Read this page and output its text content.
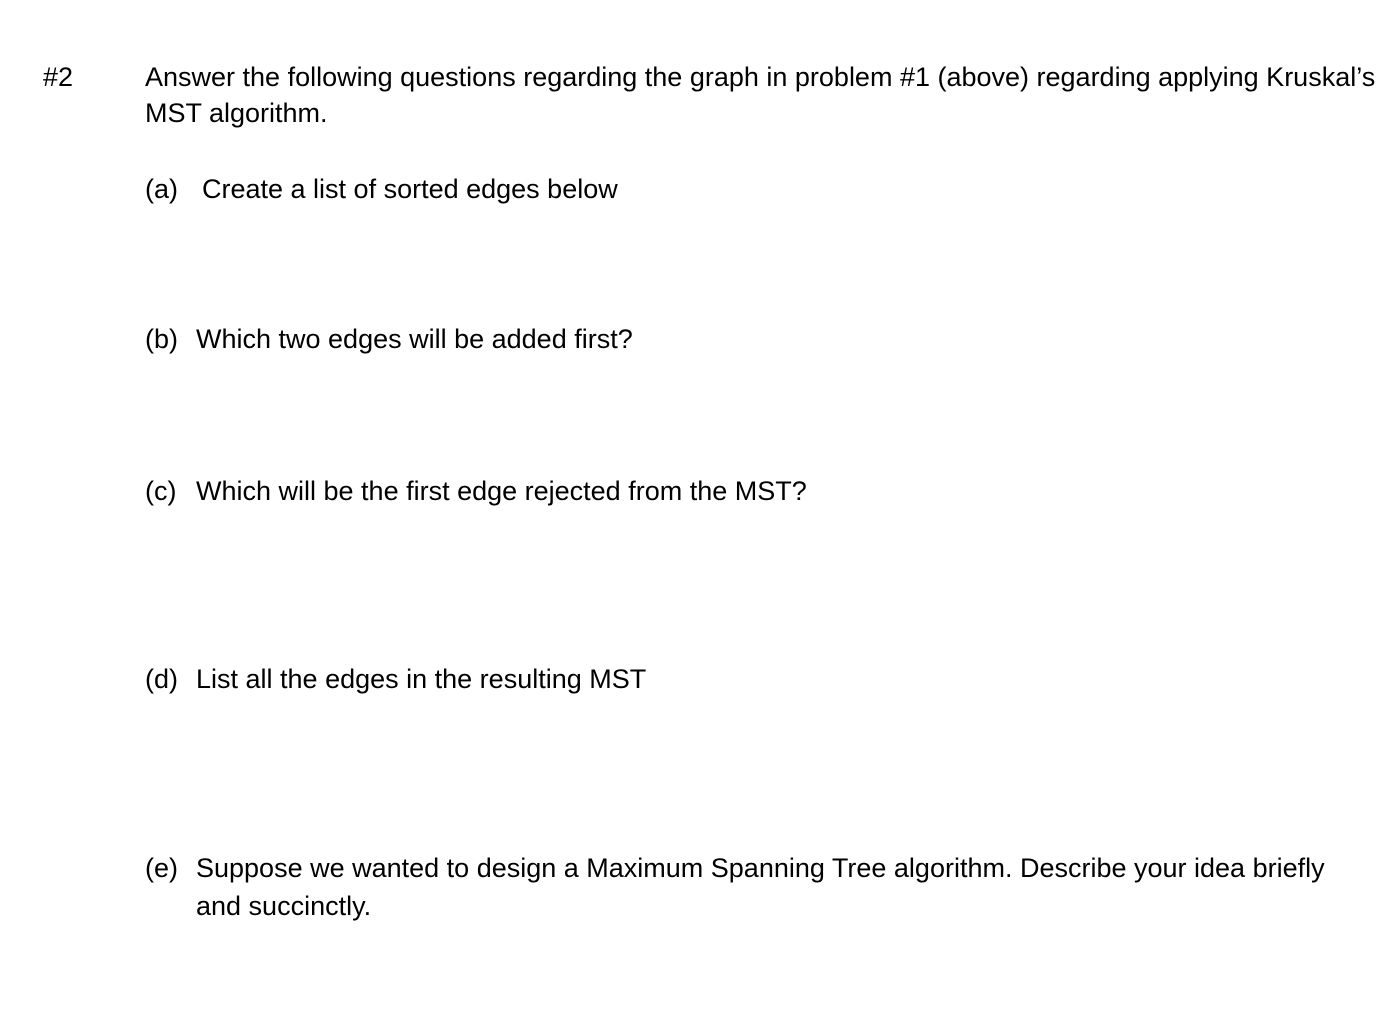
#2	Answer the following questions regarding the graph in problem #1 (above) regarding applying Kruskal’s MST algorithm.
(a) Create a list of sorted edges below
(b) Which two edges will be added first?
(c) Which will be the first edge rejected from the MST?
(d) List all the edges in the resulting MST
(e) Suppose we wanted to design a Maximum Spanning Tree algorithm. Describe your idea briefly and succinctly.
